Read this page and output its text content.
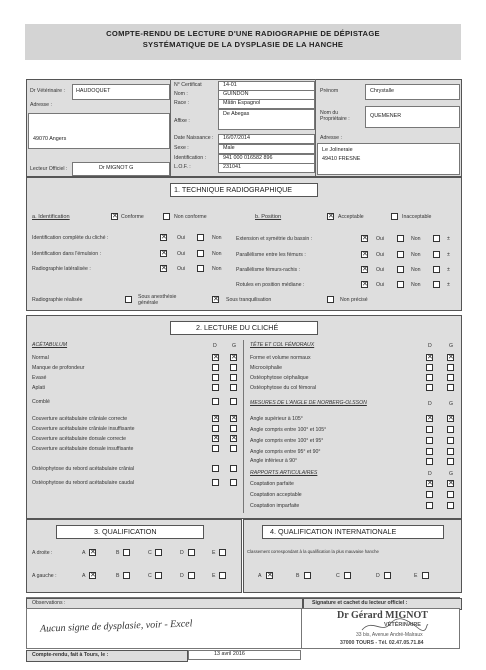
COMPTE-RENDU DE LECTURE D'UNE RADIOGRAPHIE DE DÉPISTAGE
SYSTÉMATIQUE DE LA DYSPLASIE DE LA HANCHE
Dr Vétérinaire : HAUDOQUET
Adresse :
49070 Angers
Lecteur Officiel :	Dr MIGNOT G
N° Certificat	14-01
Nom :	GUINDON
Race :	Mâtin Espagnol
Affixe :
De Abegas
Date Naissance : 16/07/2014
Sexe :	Male
Identification :	941 000 016582 896
L.O.F. :	231041
Prénom	Chrystalle
Nom du Propriétaire :	QUEMENER
Adresse :
Le Jolineraie
49410 FRESNE
1. TECHNIQUE RADIOGRAPHIQUE
a. Identification	✕ Conforme	Non conforme	b. Position	✕ Acceptable	Inacceptable
Identification complète du cliché :	✕ Oui	Non
Identification dans l'émulsion :	✕ Oui	Non
Radiographie latéralisée :	✕ Oui	Non
Extension et symétrie du bassin :	✕ Oui	Non	±
Parallélisme entre les fémurs :	✕ Oui	Non	±
Parallélisme fémurs-rachis :	✕ Oui	Non	±
Rotules en position médiane :	✕ Oui	Non	±
Radiographie réalisée	Sous anesthésie générale	✕ Sous tranquilisation	Non précisé
2. LECTURE DU CLICHÉ
ACÉTABULUM	D	G
Normal	✕ ✕
Manque de profondeur
Evasé
Aplati
Comblé
Couverture acétabulaire crâniale correcte	✕ ✕
Couverture acétabulaire crâniale insuffisante
Couverture acétabulaire dorsale correcte	✕ ✕
Couverture acétabulaire dorsale insuffisante
Ostéophytose du rebord acétabulaire crânial
Ostéophytose du rebord acétabulaire caudal
TÊTE ET COL FÉMORAUX	D	G
Forme et volume normaux	✕ ✕
Microcéphalie
Ostéophytose céphalique
Ostéophytose du col fémoral
MESURES DE L'ANGLE DE NORBERG-OLSSON	D	G
Angle supérieur à 105°	✕ ✕
Angle compris entre 100° et 105°
Angle compris entre 100° et 95°
Angle compris entre 95° et 90°
Angle inférieur à 90°
RAPPORTS ARTICULAIRES	D	G
Coaptation parfaite	✕ ✕
Coaptation acceptable
Coaptation imparfaite
3. QUALIFICATION
A droite :	A ✕	B	C	D	E
A gauche :	A ✕	B	C	D	E
4. QUALIFICATION INTERNATIONALE
Classement correspondant à la qualification la plus mauvaise hanche
A ✕	B	C	D	E
Observations :	Signature et cachet du lecteur officiel :
Aucun signe de dysplasie, voir - Excel
Dr Gérard MIGNOT
VÉTÉRINAIRE
33 bis, Avenue André-Malraux
37000 TOURS - Tél. 02.47.05.71.84
Compte-rendu, fait à Tours, le :	13 avril 2016
